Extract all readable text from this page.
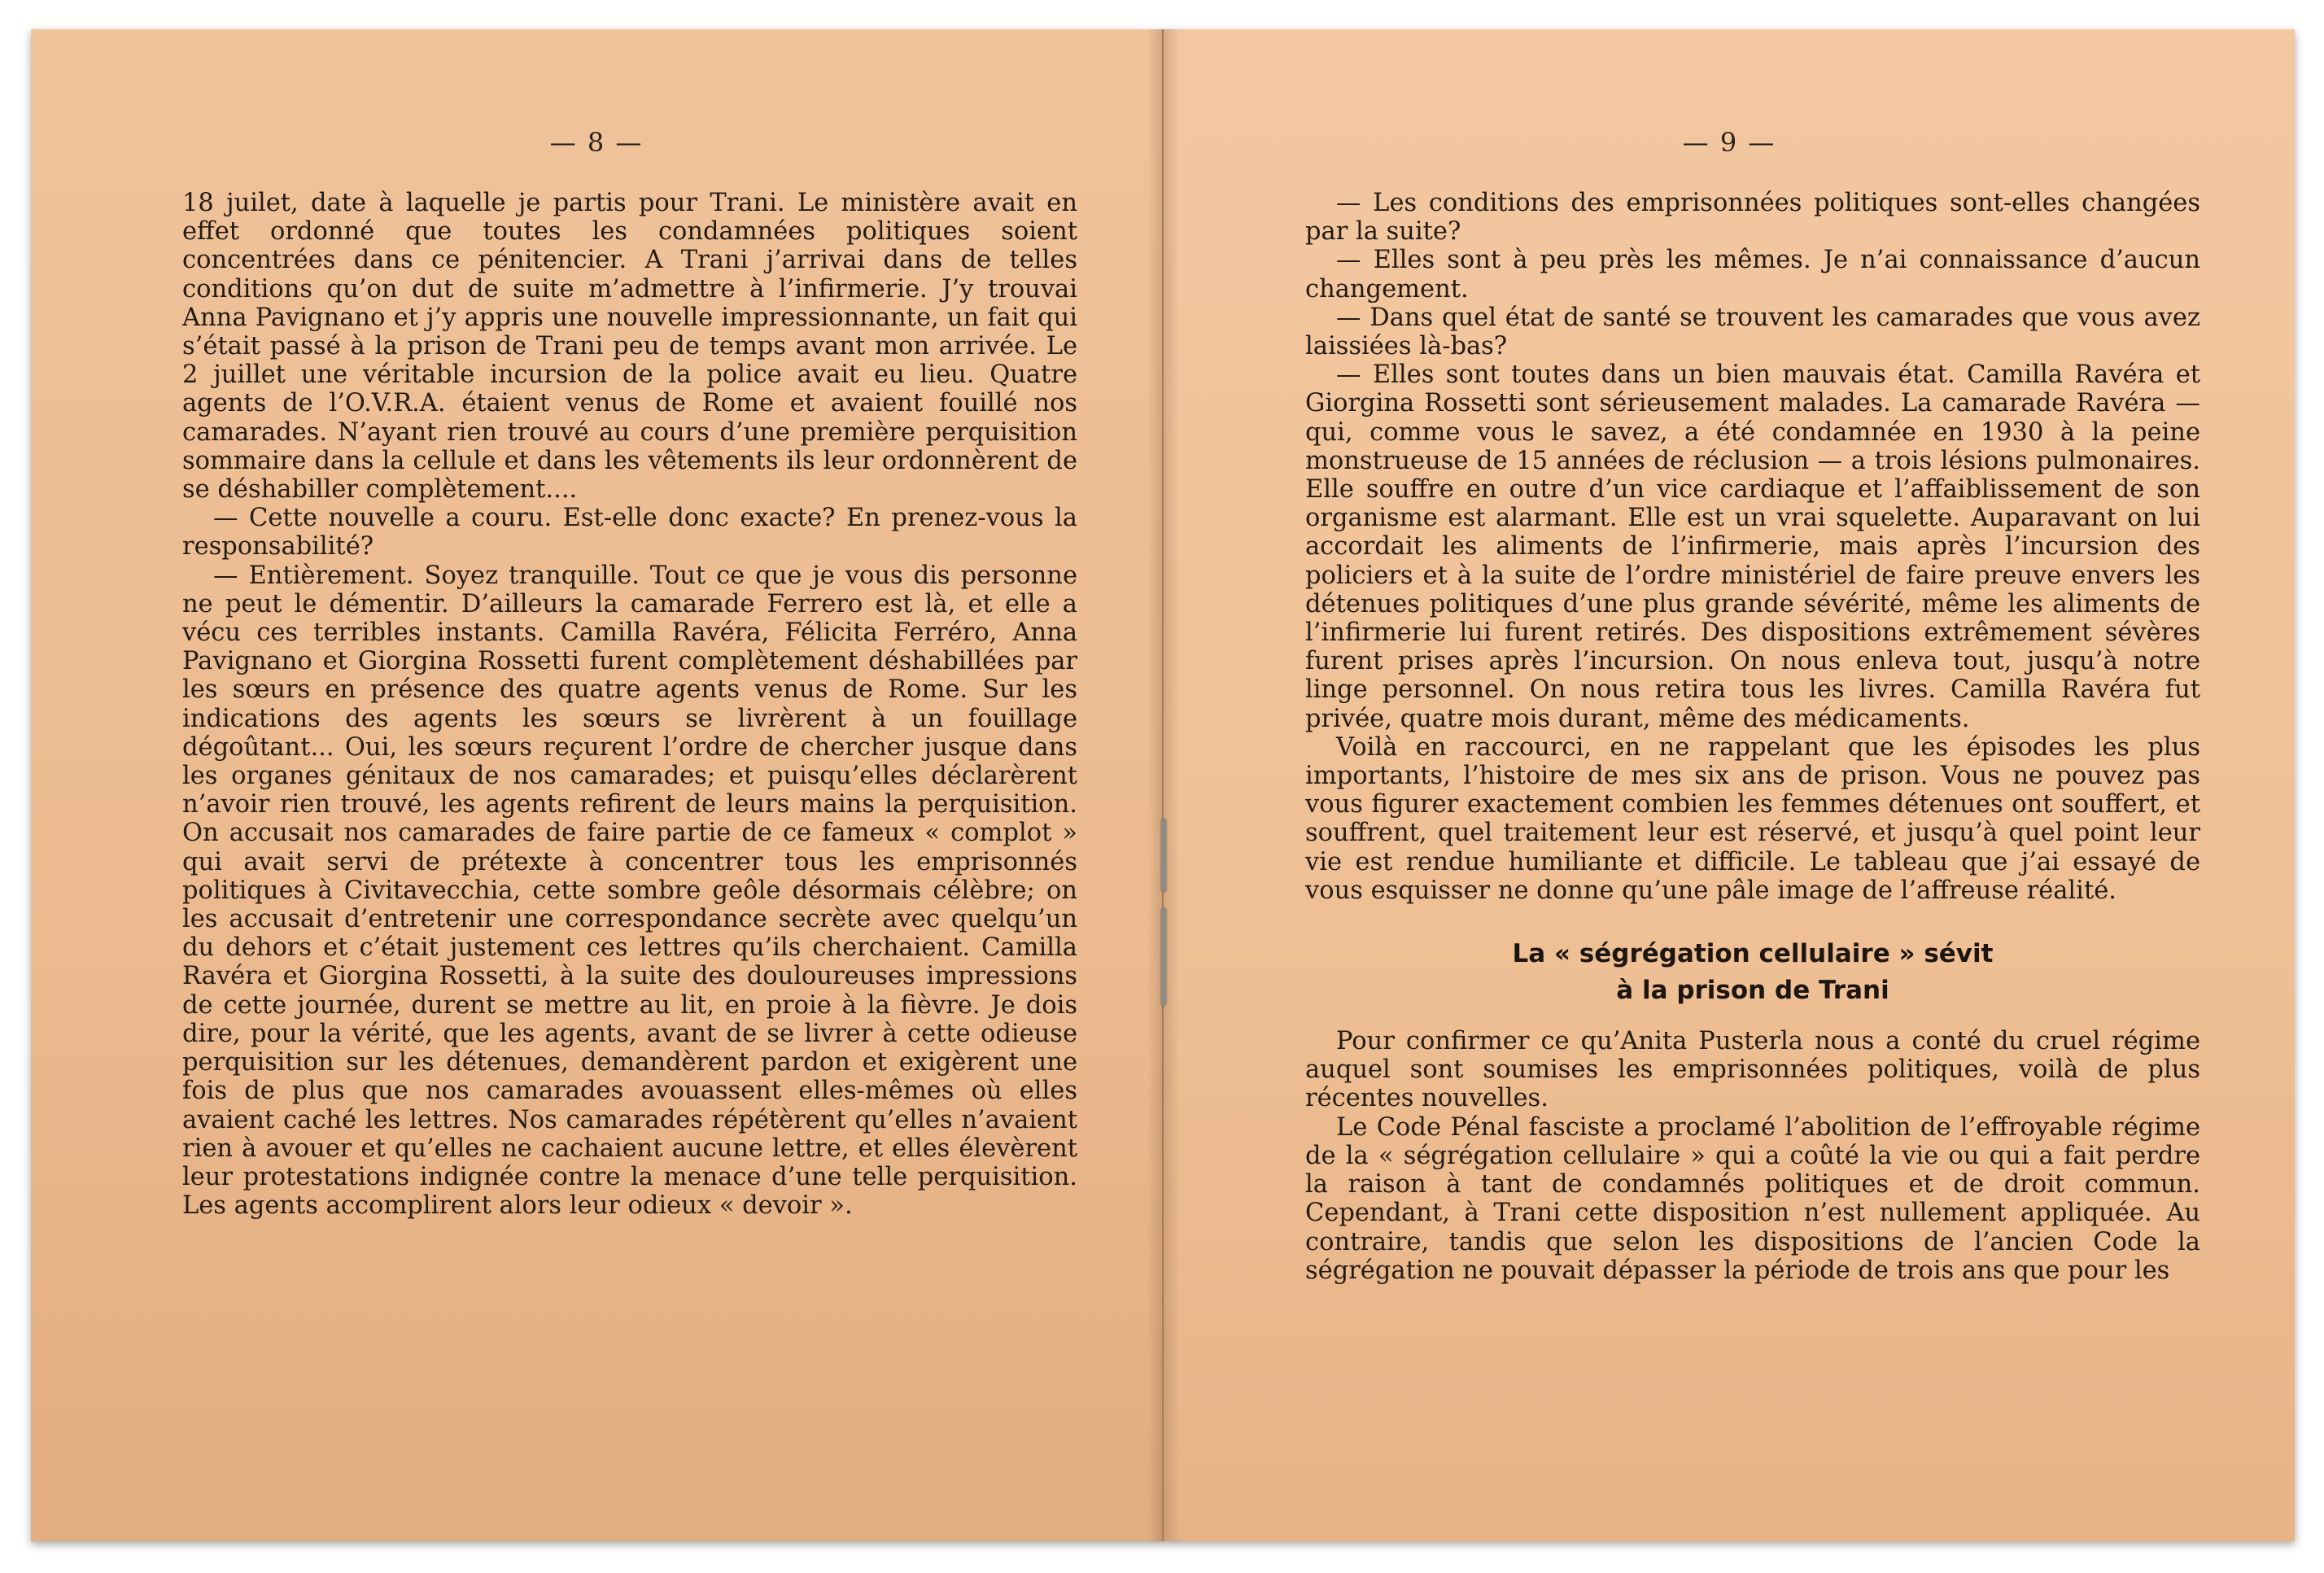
— 8 —

18 juilet, date à laquelle je partis pour Trani. Le ministère avait en effet ordonné que toutes les condamnées politiques soient concentrées dans ce pénitencier. A Trani j’arrivai dans de telles conditions qu’on dut de suite m’admettre à l’infirmerie. J’y trouvai Anna Pavignano et j’y appris une nouvelle impressionnante, un fait qui s’était passé à la prison de Trani peu de temps avant mon arrivée. Le 2 juillet une véritable incursion de la police avait eu lieu. Quatre agents de l’O.V.R.A. étaient venus de Rome et avaient fouillé nos camarades. N’ayant rien trouvé au cours d’une première perquisition sommaire dans la cellule et dans les vêtements ils leur ordonnèrent de se déshabiller complètement....

— Cette nouvelle a couru. Est-elle donc exacte? En prenez-vous la responsabilité?

— Entièrement. Soyez tranquille. Tout ce que je vous dis personne ne peut le démentir. D’ailleurs la camarade Ferrero est là, et elle a vécu ces terribles instants. Camilla Ravéra, Félicita Ferréro, Anna Pavignano et Giorgina Rossetti furent complètement déshabillées par les sœurs en présence des quatre agents venus de Rome. Sur les indications des agents les sœurs se livrèrent à un fouillage dégoûtant... Oui, les sœurs reçurent l’ordre de chercher jusque dans les organes génitaux de nos camarades; et puisqu’elles déclarèrent n’avoir rien trouvé, les agents refirent de leurs mains la perquisition. On accusait nos camarades de faire partie de ce fameux « complot » qui avait servi de prétexte à concentrer tous les emprisonnés politiques à Civitavecchia, cette sombre geôle désormais célèbre; on les accusait d’entretenir une correspondance secrète avec quelqu’un du dehors et c’était justement ces lettres qu’ils cherchaient. Camilla Ravéra et Giorgina Rossetti, à la suite des douloureuses impressions de cette journée, durent se mettre au lit, en proie à la fièvre. Je dois dire, pour la vérité, que les agents, avant de se livrer à cette odieuse perquisition sur les détenues, demandèrent pardon et exigèrent une fois de plus que nos camarades avouassent elles-mêmes où elles avaient caché les lettres. Nos camarades répétèrent qu’elles n’avaient rien à avouer et qu’elles ne cachaient aucune lettre, et elles élevèrent leur protestations indignée contre la menace d’une telle perquisition. Les agents accomplirent alors leur odieux « devoir ».

— 9 —

— Les conditions des emprisonnées politiques sont-elles changées par la suite?

— Elles sont à peu près les mêmes. Je n’ai connaissance d’aucun changement.

— Dans quel état de santé se trouvent les camarades que vous avez laissiées là-bas?

— Elles sont toutes dans un bien mauvais état. Camilla Ravéra et Giorgina Rossetti sont sérieusement malades. La camarade Ravéra — qui, comme vous le savez, a été condamnée en 1930 à la peine monstrueuse de 15 années de réclusion — a trois lésions pulmonaires. Elle souffre en outre d’un vice cardiaque et l’affaiblissement de son organisme est alarmant. Elle est un vrai squelette. Auparavant on lui accordait les aliments de l’infirmerie, mais après l’incursion des policiers et à la suite de l’ordre ministériel de faire preuve envers les détenues politiques d’une plus grande sévérité, même les aliments de l’infirmerie lui furent retirés. Des dispositions extrêmement sévères furent prises après l’incursion. On nous enleva tout, jusqu’à notre linge personnel. On nous retira tous les livres. Camilla Ravéra fut privée, quatre mois durant, même des médicaments.

Voilà en raccourci, en ne rappelant que les épisodes les plus importants, l’histoire de mes six ans de prison. Vous ne pouvez pas vous figurer exactement combien les femmes détenues ont souffert, et souffrent, quel traitement leur est réservé, et jusqu’à quel point leur vie est rendue humiliante et difficile. Le tableau que j’ai essayé de vous esquisser ne donne qu’une pâle image de l’affreuse réalité.

La « ségrégation cellulaire » sévit
à la prison de Trani

Pour confirmer ce qu’Anita Pusterla nous a conté du cruel régime auquel sont soumises les emprisonnées politiques, voilà de plus récentes nouvelles.

Le Code Pénal fasciste a proclamé l’abolition de l’effroyable régime de la « ségrégation cellulaire » qui a coûté la vie ou qui a fait perdre la raison à tant de condamnés politiques et de droit commun. Cependant, à Trani cette disposition n’est nullement appliquée. Au contraire, tandis que selon les dispositions de l’ancien Code la ségrégation ne pouvait dépasser la période de trois ans que pour les
